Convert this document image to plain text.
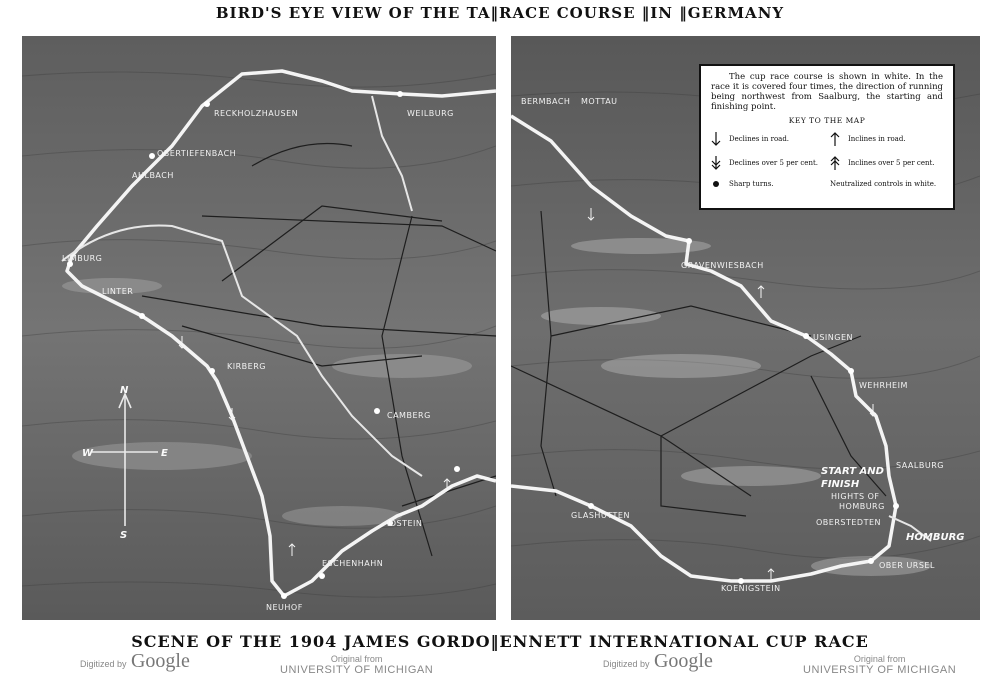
BIRD'S EYE VIEW OF THE TA‖RACE COURSE ‖IN ‖GERMANY
N
S
E
W
RECKHOLZHAUSEN	WEILBURG
OBERTIEFENBACH
AHLBACH
LIMBURG
LINTER
KIRBERG
CAMBERG
IDSTEIN
NEUHOF
ESCHENHAHN
BERMBACH MOTTAU
GRAVENWIESBACH
USINGEN
WEHRHEIM
SAALBURG
START AND
FINISH
HIGHTS OF
HOMBURG
OBERSTEDTEN
HOMBURG
OBER URSEL
KOENIGSTEIN
GLASHUTTEN

The cup race course is shown in white. In the race it is covered four times, the direction of running being northwest from Saalburg, the starting and finishing point.

KEY TO THE MAP
Declines in road.	Inclines in road.
Declines over 5 per cent.	Inclines over 5 per cent.
Sharp turns.	Neutralized controls in white.
SCENE OF THE 1904 JAMES GORDO‖ENNETT INTERNATIONAL CUP RACE
Digitized by Google	Original from
UNIVERSITY OF MICHIGAN	Digitized by Google	Original from
UNIVERSITY OF MICHIGAN
